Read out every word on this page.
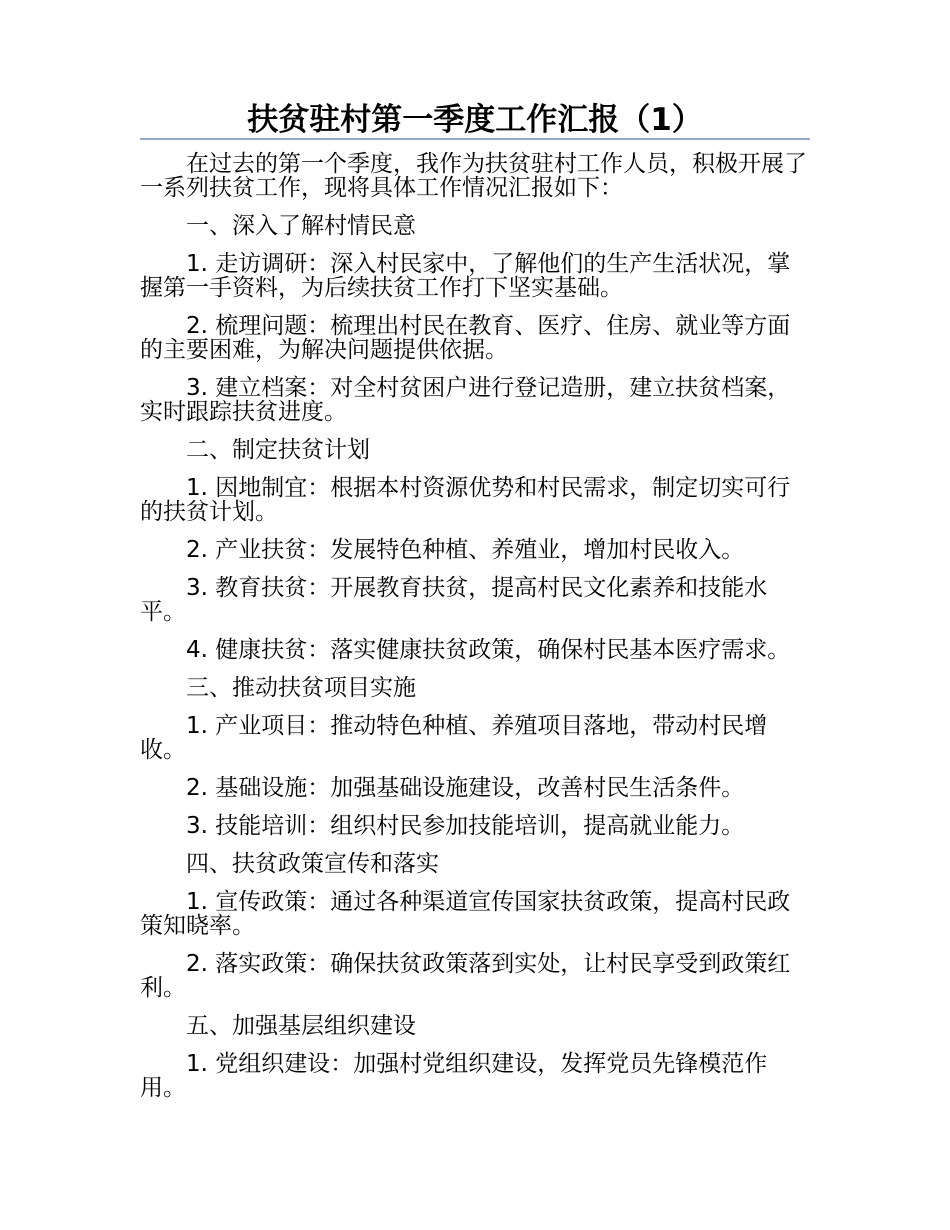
扶贫驻村第一季度工作汇报（1）

在过去的第一个季度，我作为扶贫驻村工作人员，积极开展了一系列扶贫工作，现将具体工作情况汇报如下：

一、深入了解村情民意

1. 走访调研：深入村民家中，了解他们的生产生活状况，掌握第一手资料，为后续扶贫工作打下坚实基础。

2. 梳理问题：梳理出村民在教育、医疗、住房、就业等方面的主要困难，为解决问题提供依据。

3. 建立档案：对全村贫困户进行登记造册，建立扶贫档案，实时跟踪扶贫进度。

二、制定扶贫计划

1. 因地制宜：根据本村资源优势和村民需求，制定切实可行的扶贫计划。

2. 产业扶贫：发展特色种植、养殖业，增加村民收入。

3. 教育扶贫：开展教育扶贫，提高村民文化素养和技能水平。

4. 健康扶贫：落实健康扶贫政策，确保村民基本医疗需求。

三、推动扶贫项目实施

1. 产业项目：推动特色种植、养殖项目落地，带动村民增收。

2. 基础设施：加强基础设施建设，改善村民生活条件。

3. 技能培训：组织村民参加技能培训，提高就业能力。

四、扶贫政策宣传和落实

1. 宣传政策：通过各种渠道宣传国家扶贫政策，提高村民政策知晓率。

2. 落实政策：确保扶贫政策落到实处，让村民享受到政策红利。

五、加强基层组织建设

1. 党组织建设：加强村党组织建设，发挥党员先锋模范作用。
